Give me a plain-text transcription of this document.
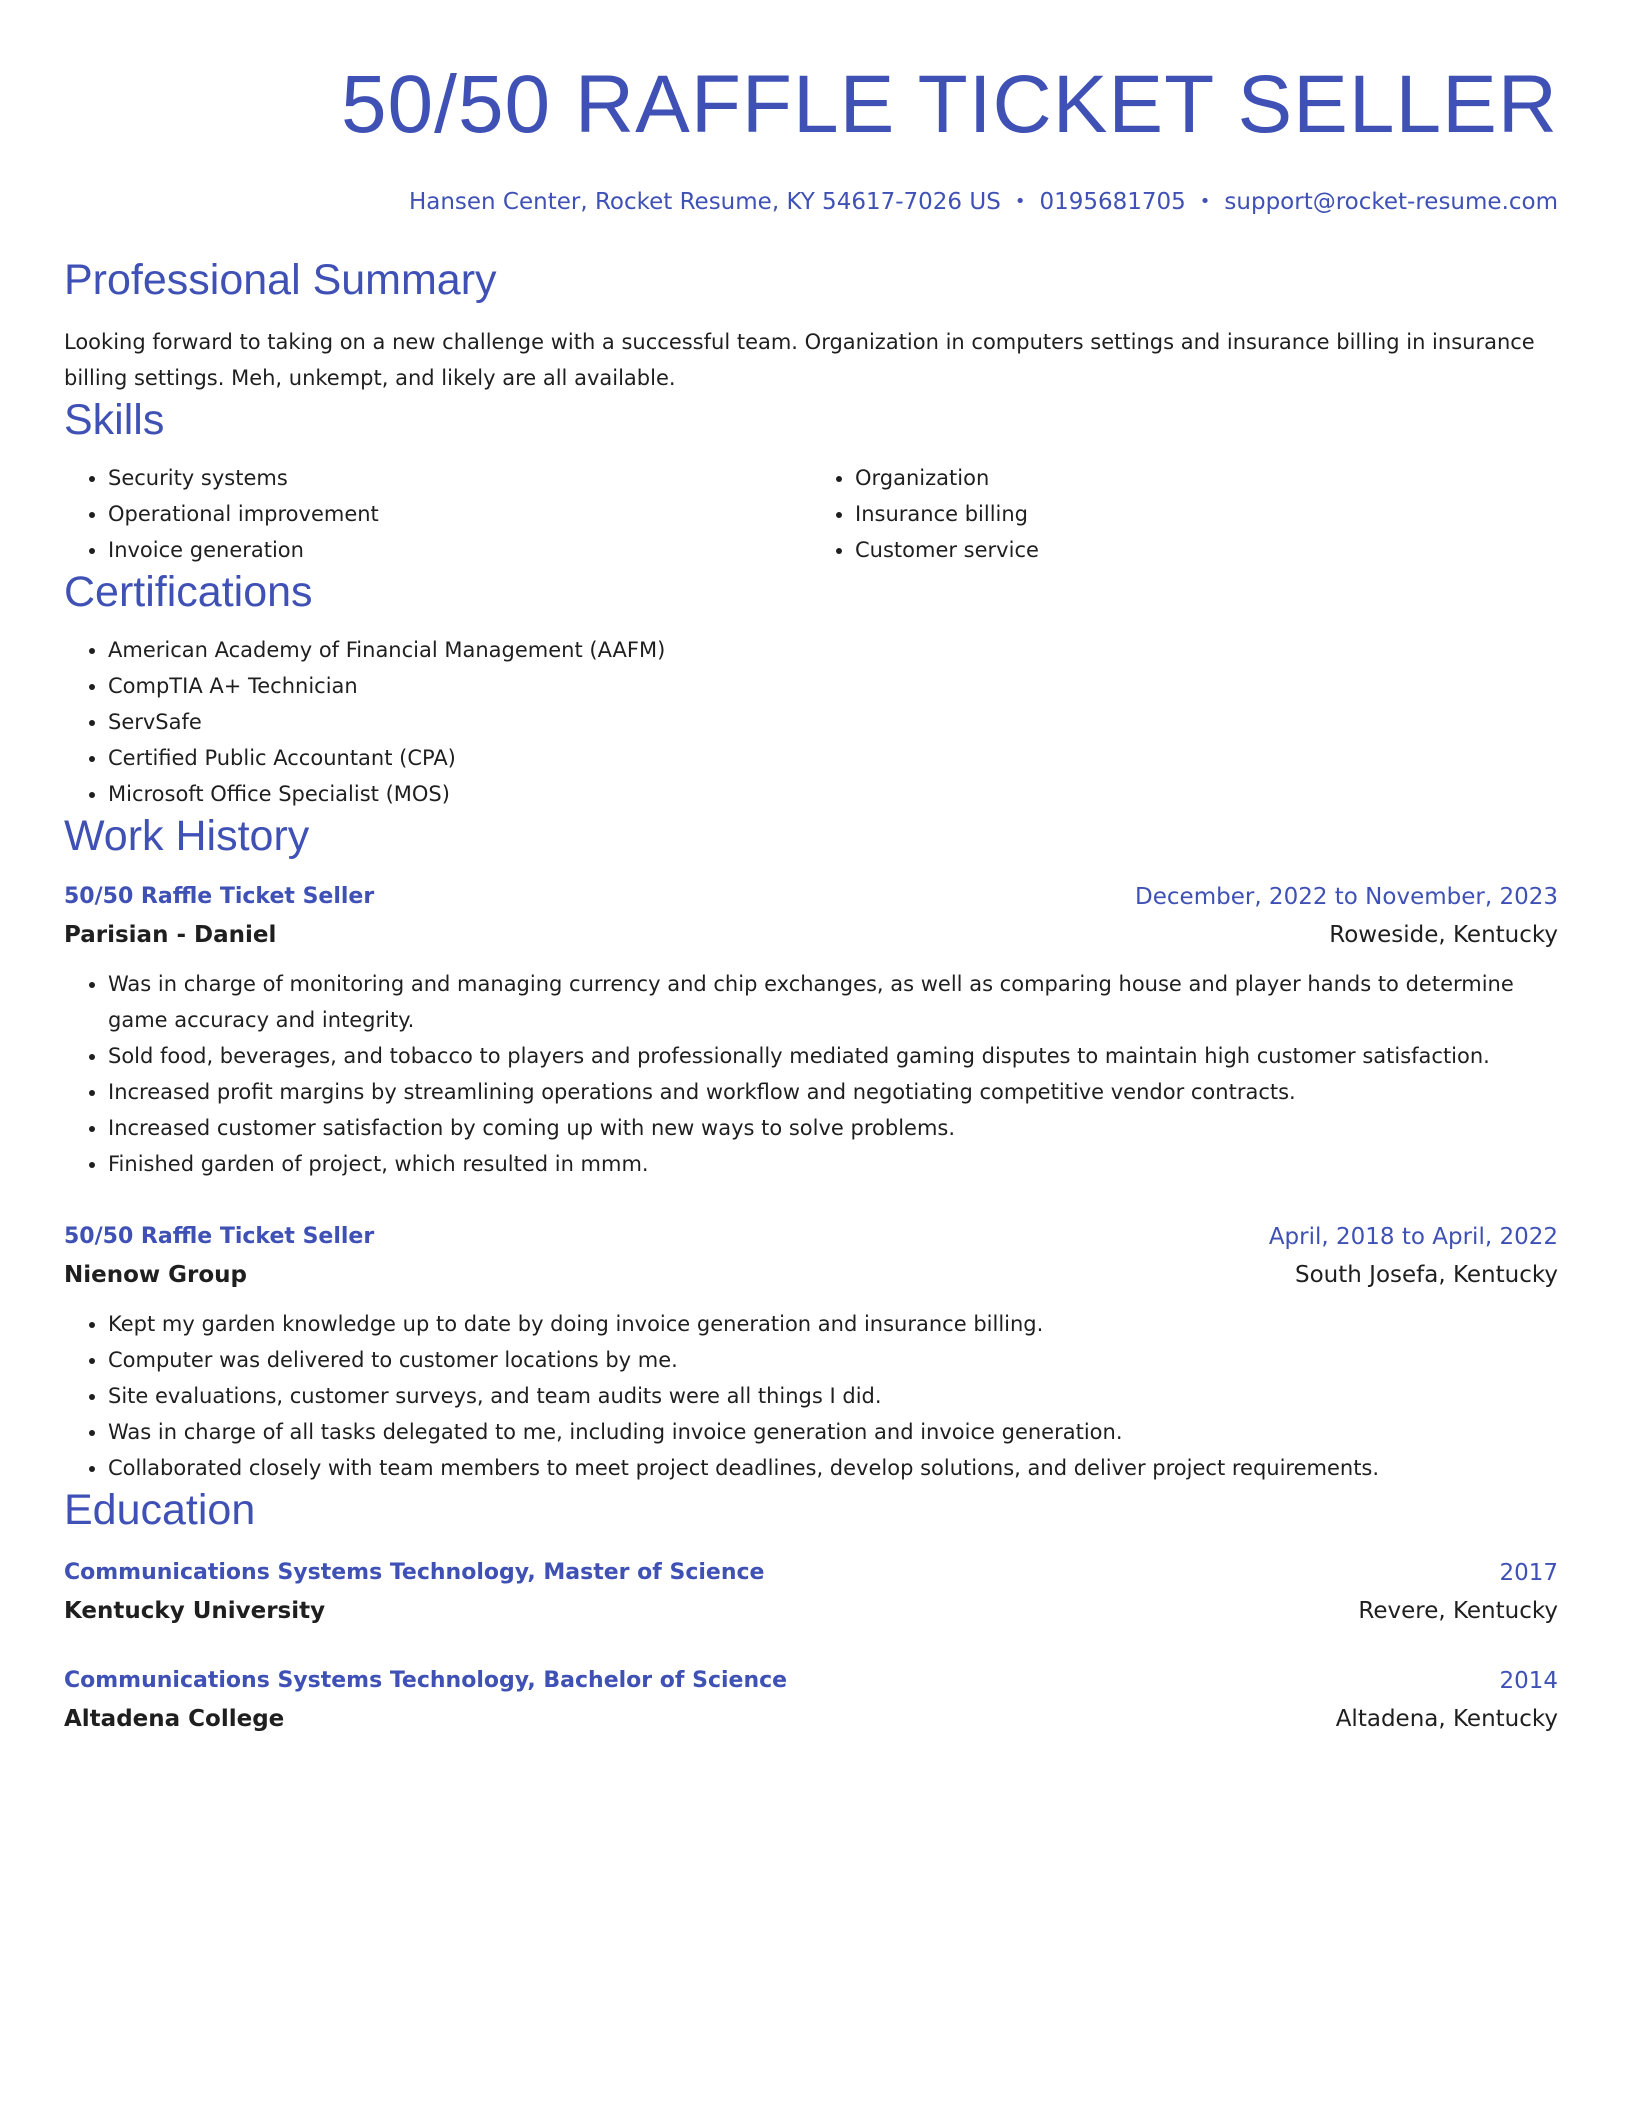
50/50 RAFFLE TICKET SELLER
Hansen Center, Rocket Resume, KY 54617-7026 US • 0195681705 • support@rocket-resume.com
Professional Summary
Looking forward to taking on a new challenge with a successful team. Organization in computers settings and insurance billing in insurance billing settings. Meh, unkempt, and likely are all available.
Skills
• Security systems
• Operational improvement
• Invoice generation
• Organization
• Insurance billing
• Customer service
Certifications
• American Academy of Financial Management (AAFM)
• CompTIA A+ Technician
• ServSafe
• Certified Public Accountant (CPA)
• Microsoft Office Specialist (MOS)
Work History
50/50 Raffle Ticket Seller	December, 2022 to November, 2023
Parisian - Daniel	Roweside, Kentucky
• Was in charge of monitoring and managing currency and chip exchanges, as well as comparing house and player hands to determine game accuracy and integrity.
• Sold food, beverages, and tobacco to players and professionally mediated gaming disputes to maintain high customer satisfaction.
• Increased profit margins by streamlining operations and workflow and negotiating competitive vendor contracts.
• Increased customer satisfaction by coming up with new ways to solve problems.
• Finished garden of project, which resulted in mmm.
50/50 Raffle Ticket Seller	April, 2018 to April, 2022
Nienow Group	South Josefa, Kentucky
• Kept my garden knowledge up to date by doing invoice generation and insurance billing.
• Computer was delivered to customer locations by me.
• Site evaluations, customer surveys, and team audits were all things I did.
• Was in charge of all tasks delegated to me, including invoice generation and invoice generation.
• Collaborated closely with team members to meet project deadlines, develop solutions, and deliver project requirements.
Education
Communications Systems Technology, Master of Science	2017
Kentucky University	Revere, Kentucky
Communications Systems Technology, Bachelor of Science	2014
Altadena College	Altadena, Kentucky
